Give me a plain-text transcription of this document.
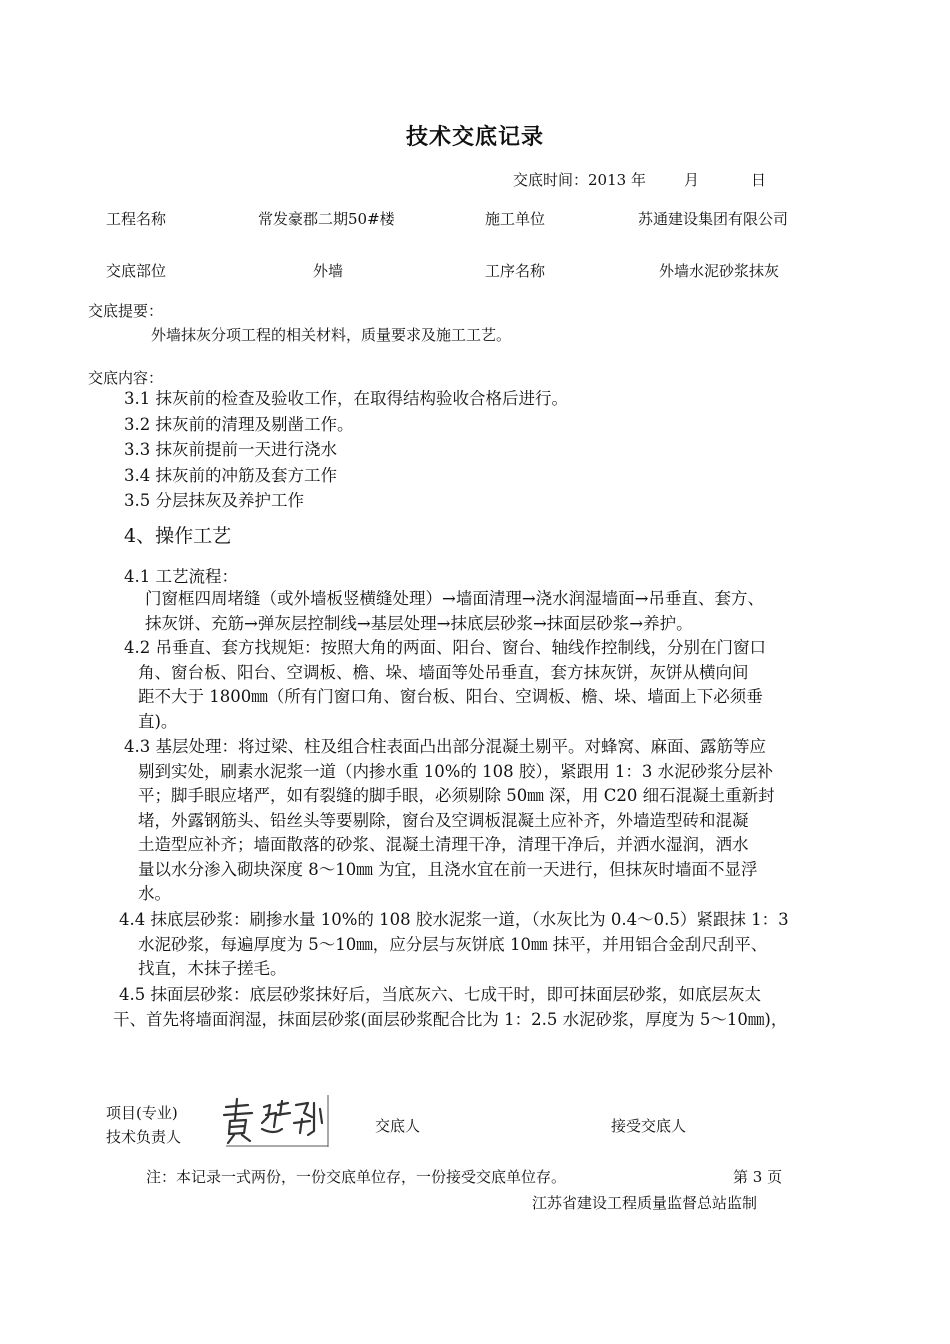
技术交底记录
交底时间：2013 年	月	日
工程名称	常发豪郡二期50#楼	施工单位	苏通建设集团有限公司
交底部位	外墙	工序名称	外墙水泥砂浆抹灰
交底提要：
外墙抹灰分项工程的相关材料，质量要求及施工工艺。
交底内容：
3.1 抹灰前的检查及验收工作，在取得结构验收合格后进行。
3.2 抹灰前的清理及剔凿工作。
3.3 抹灰前提前一天进行浇水
3.4 抹灰前的冲筋及套方工作
3.5 分层抹灰及养护工作
4、操作工艺
4.1 工艺流程：
门窗框四周堵缝（或外墙板竖横缝处理）→墙面清理→浇水润湿墙面→吊垂直、套方、
抹灰饼、充筋→弹灰层控制线→基层处理→抹底层砂浆→抹面层砂浆→养护。
4.2 吊垂直、套方找规矩：按照大角的两面、阳台、窗台、轴线作控制线，分别在门窗口
角、窗台板、阳台、空调板、檐、垛、墙面等处吊垂直，套方抹灰饼，灰饼从横向间
距不大于 1800㎜（所有门窗口角、窗台板、阳台、空调板、檐、垛、墙面上下必须垂
直)。
4.3 基层处理：将过梁、柱及组合柱表面凸出部分混凝土剔平。对蜂窝、麻面、露筋等应
剔到实处，刷素水泥浆一道（内掺水重 10%的 108 胶），紧跟用 1：3 水泥砂浆分层补
平；脚手眼应堵严，如有裂缝的脚手眼，必须剔除 50㎜ 深，用 C20 细石混凝土重新封
堵，外露钢筋头、铅丝头等要剔除，窗台及空调板混凝土应补齐，外墙造型砖和混凝
土造型应补齐；墙面散落的砂浆、混凝土清理干净，清理干净后，并洒水湿润，洒水
量以水分渗入砌块深度 8～10㎜ 为宜，且浇水宜在前一天进行，但抹灰时墙面不显浮
水。
4.4 抹底层砂浆：刷掺水量 10%的 108 胶水泥浆一道，（水灰比为 0.4～0.5）紧跟抹 1：3
水泥砂浆，每遍厚度为 5～10㎜，应分层与灰饼底 10㎜ 抹平，并用铝合金刮尺刮平、
找直，木抹子搓毛。
4.5 抹面层砂浆：底层砂浆抹好后，当底灰六、七成干时，即可抹面层砂浆，如底层灰太
干、首先将墙面润湿，抹面层砂浆(面层砂浆配合比为 1：2.5 水泥砂浆，厚度为 5～10㎜)，
项目(专业)
技术负责人
交底人	接受交底人
注：本记录一式两份，一份交底单位存，一份接受交底单位存。	第 3 页
江苏省建设工程质量监督总站监制
